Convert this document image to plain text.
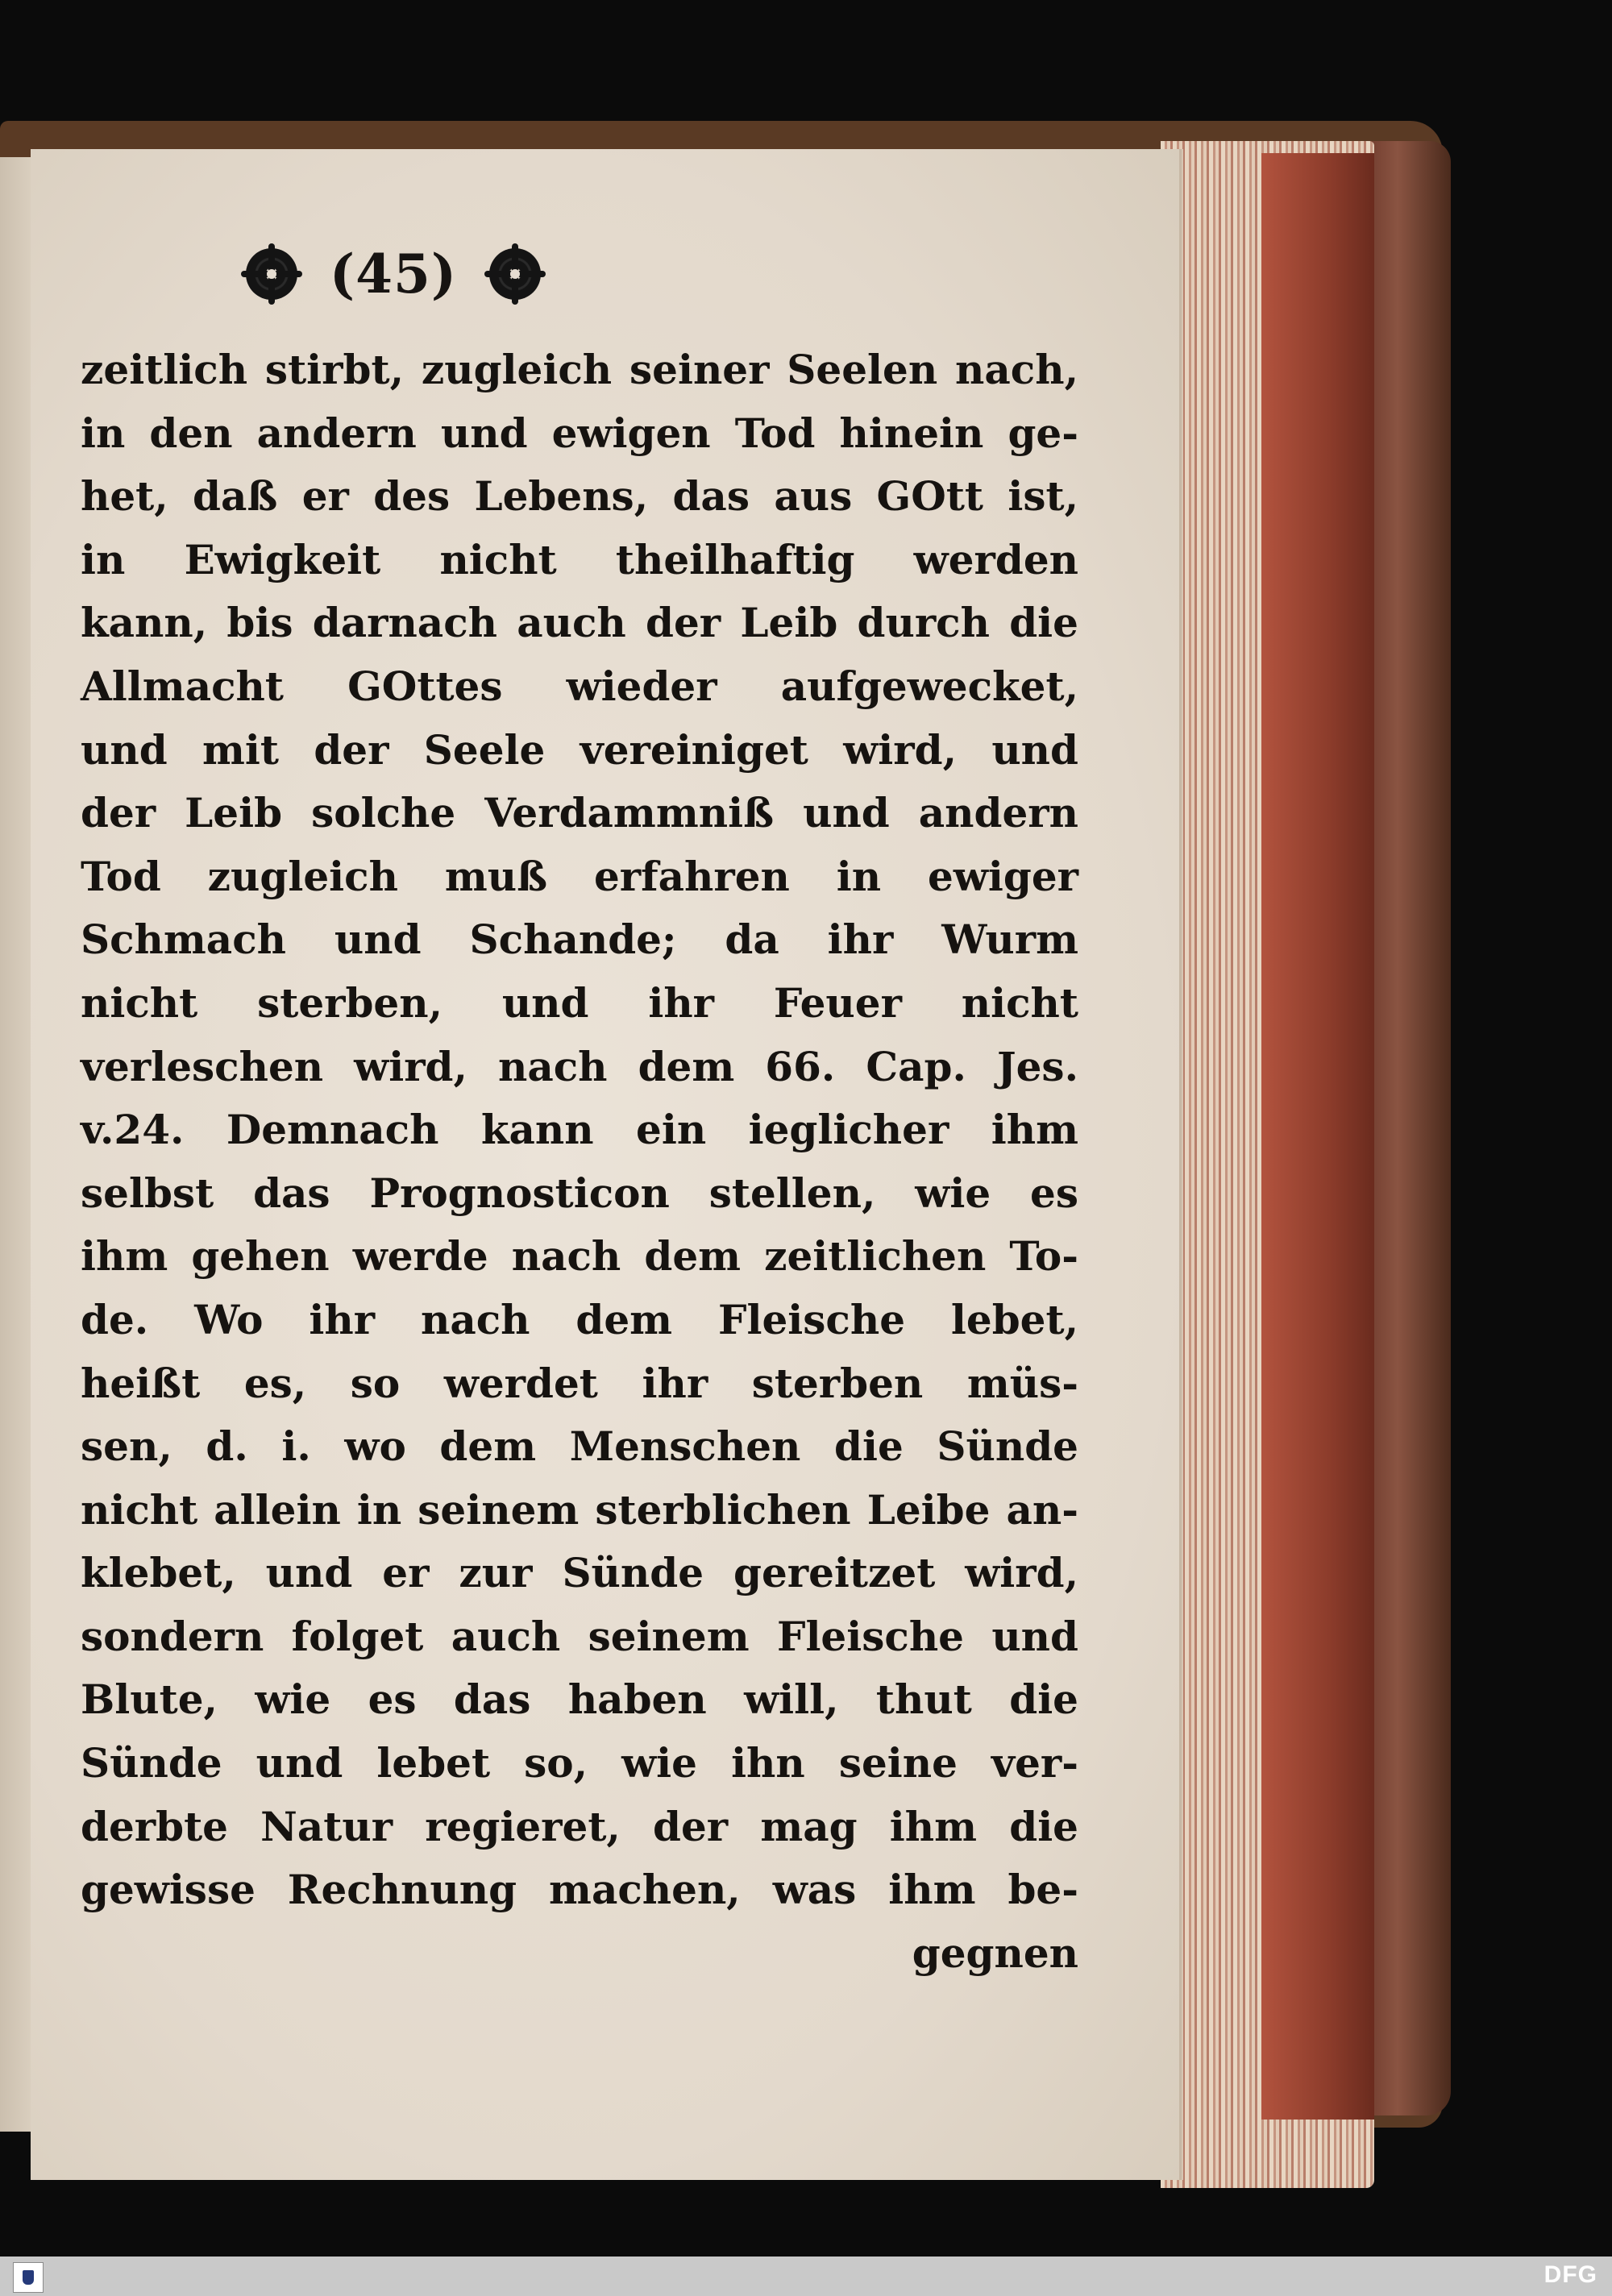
(45)
zeitlich stirbt, zugleich seiner Seelen nach,
in den andern und ewigen Tod hinein ge-
het, daß er des Lebens, das aus GOtt ist,
in Ewigkeit nicht theilhaftig werden
kann, bis darnach auch der Leib durch die
Allmacht GOttes wieder aufgewecket,
und mit der Seele vereiniget wird, und
der Leib solche Verdammniß und andern
Tod zugleich muß erfahren in ewiger
Schmach und Schande; da ihr Wurm
nicht sterben, und ihr Feuer nicht
verleschen wird, nach dem 66. Cap. Jes.
v.24. Demnach kann ein ieglicher ihm
selbst das Prognosticon stellen, wie es
ihm gehen werde nach dem zeitlichen To-
de. Wo ihr nach dem Fleische lebet,
heißt es, so werdet ihr sterben müs-
sen, d. i. wo dem Menschen die Sünde
nicht allein in seinem sterblichen Leibe an-
klebet, und er zur Sünde gereitzet wird,
sondern folget auch seinem Fleische und
Blute, wie es das haben will, thut die
Sünde und lebet so, wie ihn seine ver-
derbte Natur regieret, der mag ihm die
gewisse Rechnung machen, was ihm be-
gegnen
DFG
